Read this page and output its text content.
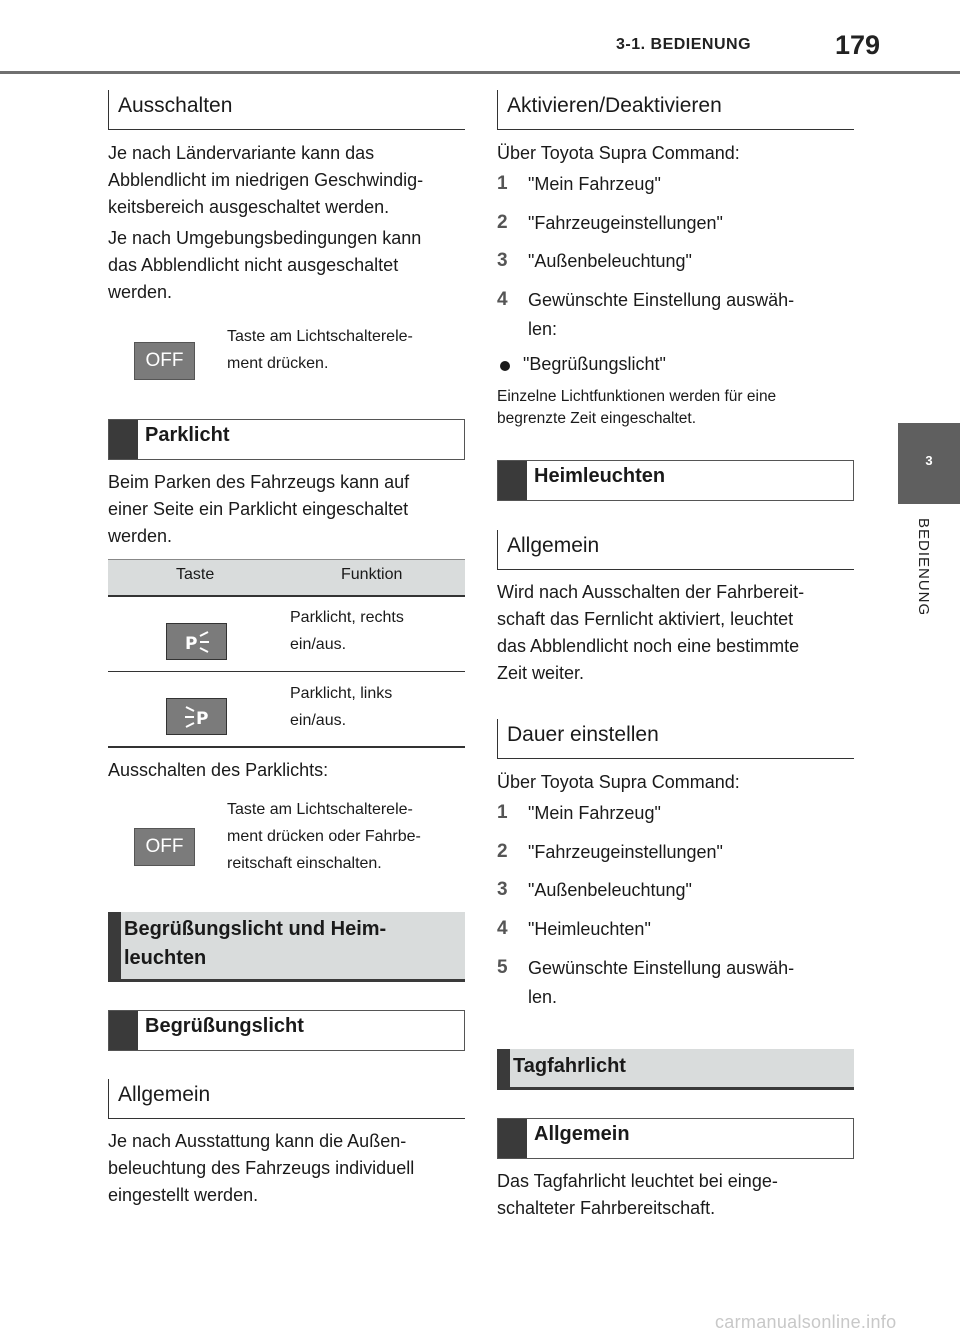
3-1. BEDIENUNG	179
3
BEDIENUNG
Ausschalten

Je nach Ländervariante kann das

Abblendlicht im niedrigen Geschwindig-

keitsbereich ausgeschaltet werden.

Je nach Umgebungsbedingungen kann

das Abblendlicht nicht ausgeschaltet

werden.

OFF

Taste am Lichtschalterele-

ment drücken.

Parklicht

Beim Parken des Fahrzeugs kann auf

einer Seite ein Parklicht eingeschaltet

werden.

Taste	Funktion
P

Parklicht, rechts

ein/aus.

P

Parklicht, links

ein/aus.

Ausschalten des Parklichts:

OFF

Taste am Lichtschalterele-

ment drücken oder Fahrbe-

reitschaft einschalten.

Begrüßungslicht und Heim-
leuchten
Begrüßungslicht
Allgemein

Je nach Ausstattung kann die Außen-

beleuchtung des Fahrzeugs individuell

eingestellt werden.

Aktivieren/Deaktivieren

Über Toyota Supra Command:

1 "Mein Fahrzeug"
2 "Fahrzeugeinstellungen"
3 "Außenbeleuchtung"
4 Gewünschte Einstellung auswäh-
len:
"Begrüßungslicht"

Einzelne Lichtfunktionen werden für eine

begrenzte Zeit eingeschaltet.

Heimleuchten
Allgemein

Wird nach Ausschalten der Fahrbereit-

schaft das Fernlicht aktiviert, leuchtet

das Abblendlicht noch eine bestimmte

Zeit weiter.

Dauer einstellen

Über Toyota Supra Command:

1 "Mein Fahrzeug"
2 "Fahrzeugeinstellungen"
3 "Außenbeleuchtung"
4 "Heimleuchten"
5 Gewünschte Einstellung auswäh-
len.
Tagfahrlicht
Allgemein

Das Tagfahrlicht leuchtet bei einge-

schalteter Fahrbereitschaft.

carmanualsonline.info
